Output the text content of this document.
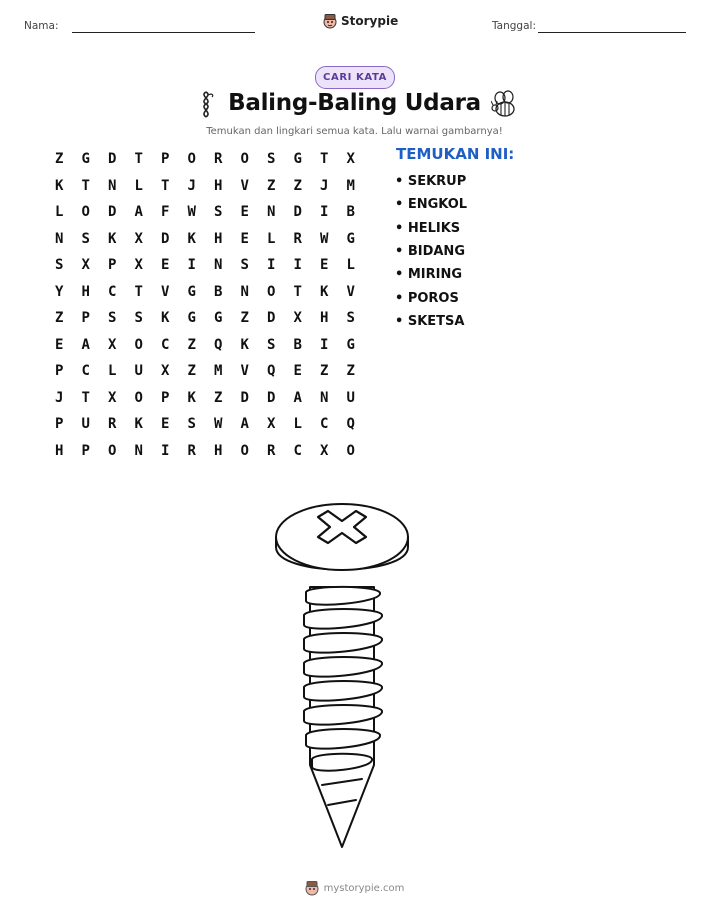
Nama:	Storypie	Tanggal:
CARI KATA
Baling-Baling Udara
Temukan dan lingkari semua kata. Lalu warnai gambarnya!
Z	G	D	T	P	O	R	O	S	G	T	X
K	T	N	L	T	J	H	V	Z	Z	J	M
L	O	D	A	F	W	S	E	N	D	I	B
N	S	K	X	D	K	H	E	L	R	W	G
S	X	P	X	E	I	N	S	I	I	E	L
Y	H	C	T	V	G	B	N	O	T	K	V
Z	P	S	S	K	G	G	Z	D	X	H	S
E	A	X	O	C	Z	Q	K	S	B	I	G
P	C	L	U	X	Z	M	V	Q	E	Z	Z
J	T	X	O	P	K	Z	D	D	A	N	U
P	U	R	K	E	S	W	A	X	L	C	Q
H	P	O	N	I	R	H	O	R	C	X	O
TEMUKAN INI:
• SEKRUP
• ENGKOL
• HELIKS
• BIDANG
• MIRING
• POROS
• SKETSA
mystorypie.com
